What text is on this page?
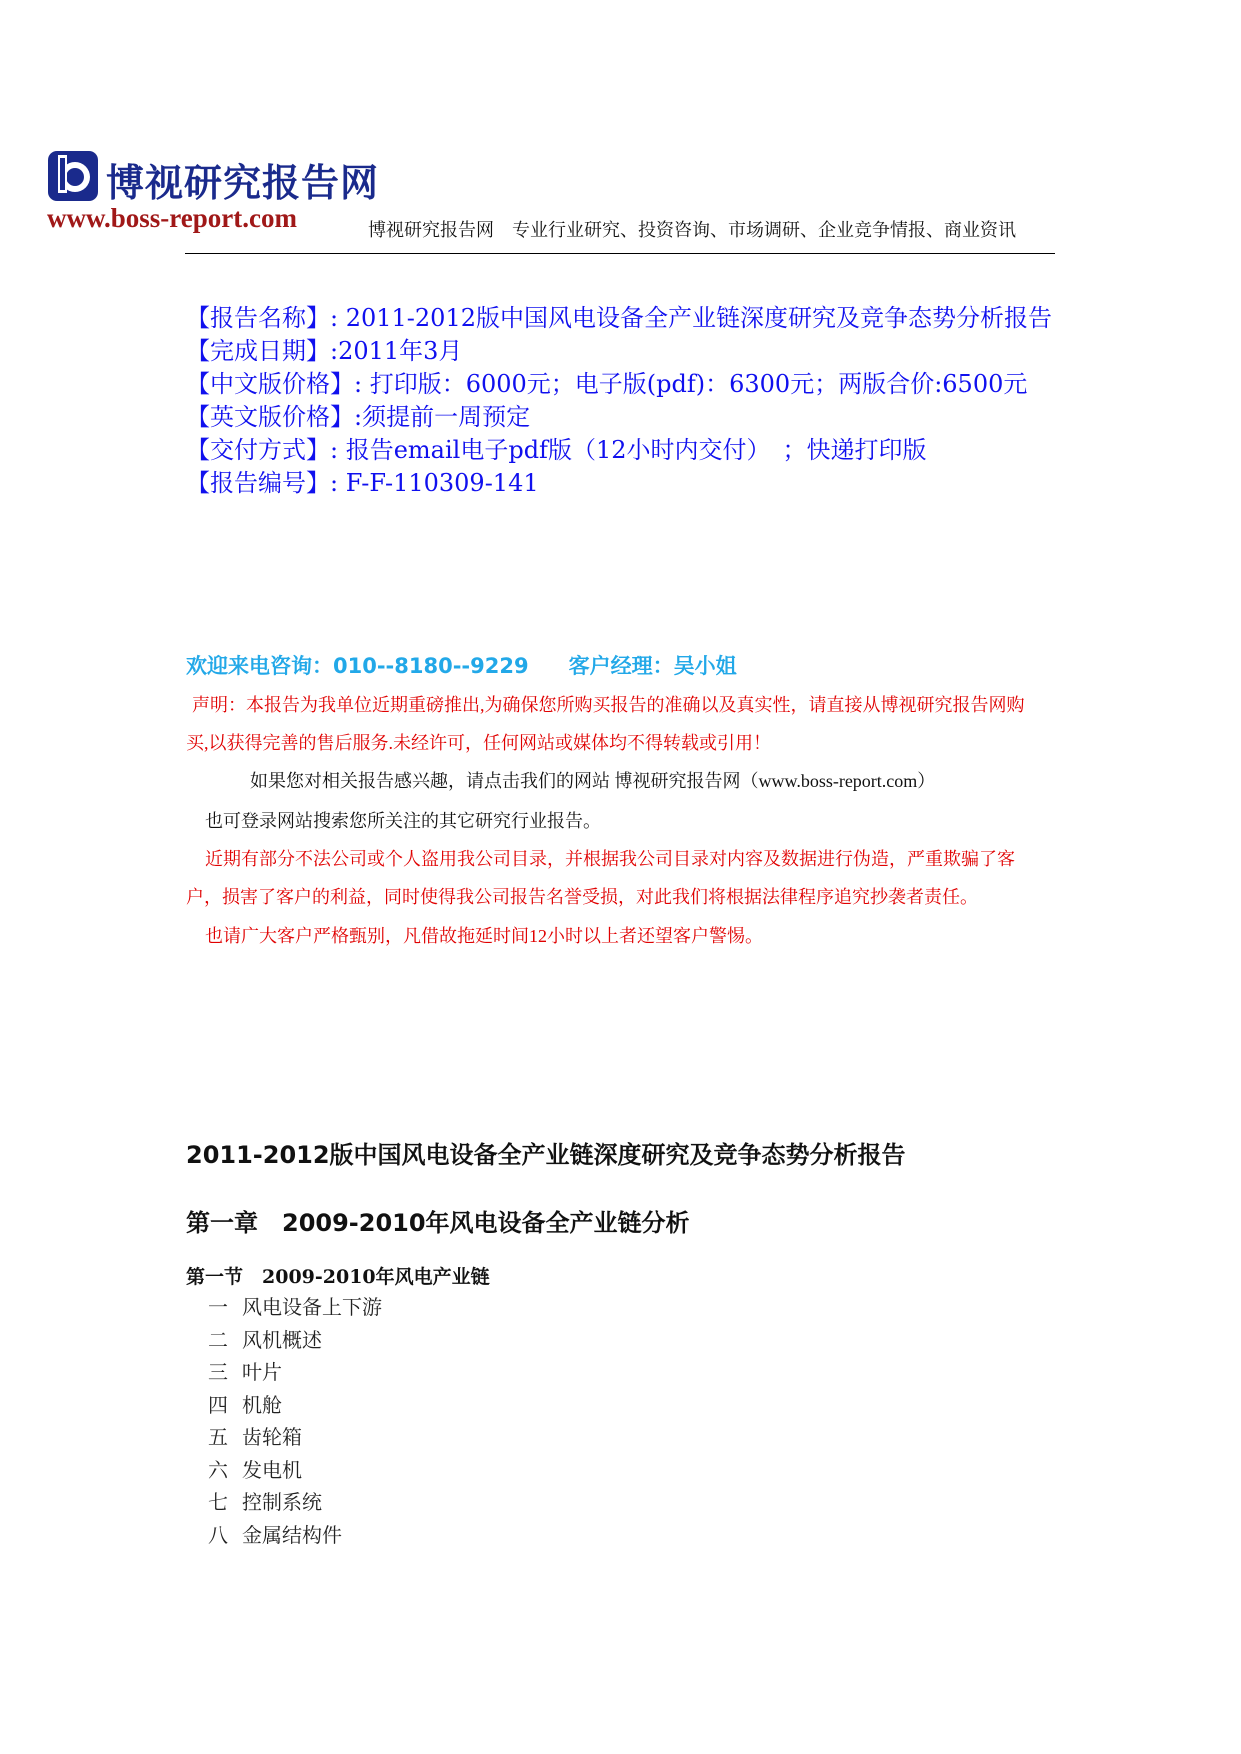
博视研究报告网
www.boss-report.com	博视研究报告网　专业行业研究、投资咨询、市场调研、企业竞争情报、商业资讯
【报告名称】: 2011-2012版中国风电设备全产业链深度研究及竞争态势分析报告
【完成日期】:2011年3月
【中文版价格】: 打印版：6000元；电子版(pdf)：6300元；两版合价:6500元
【英文版价格】:须提前一周预定
【交付方式】: 报告email电子pdf版（12小时内交付）　；快递打印版
【报告编号】: F-F-110309-141
欢迎来电咨询：010--8180--9229 客户经理：吴小姐
声明：本报告为我单位近期重磅推出,为确保您所购买报告的准确以及真实性，请直接从博视研究报告网购
买,以获得完善的售后服务.未经许可，任何网站或媒体均不得转载或引用！
如果您对相关报告感兴趣，请点击我们的网站 博视研究报告网（www.boss-report.com）
也可登录网站搜索您所关注的其它研究行业报告。
近期有部分不法公司或个人盗用我公司目录，并根据我公司目录对内容及数据进行伪造，严重欺骗了客
户，损害了客户的利益，同时使得我公司报告名誉受损，对此我们将根据法律程序追究抄袭者责任。
也请广大客户严格甄别，凡借故拖延时间12小时以上者还望客户警惕。
2011-2012版中国风电设备全产业链深度研究及竞争态势分析报告
第一章　2009-2010年风电设备全产业链分析
第一节　2009-2010年风电产业链
一 风电设备上下游
二 风机概述
三 叶片
四 机舱
五 齿轮箱
六 发电机
七 控制系统
八 金属结构件
